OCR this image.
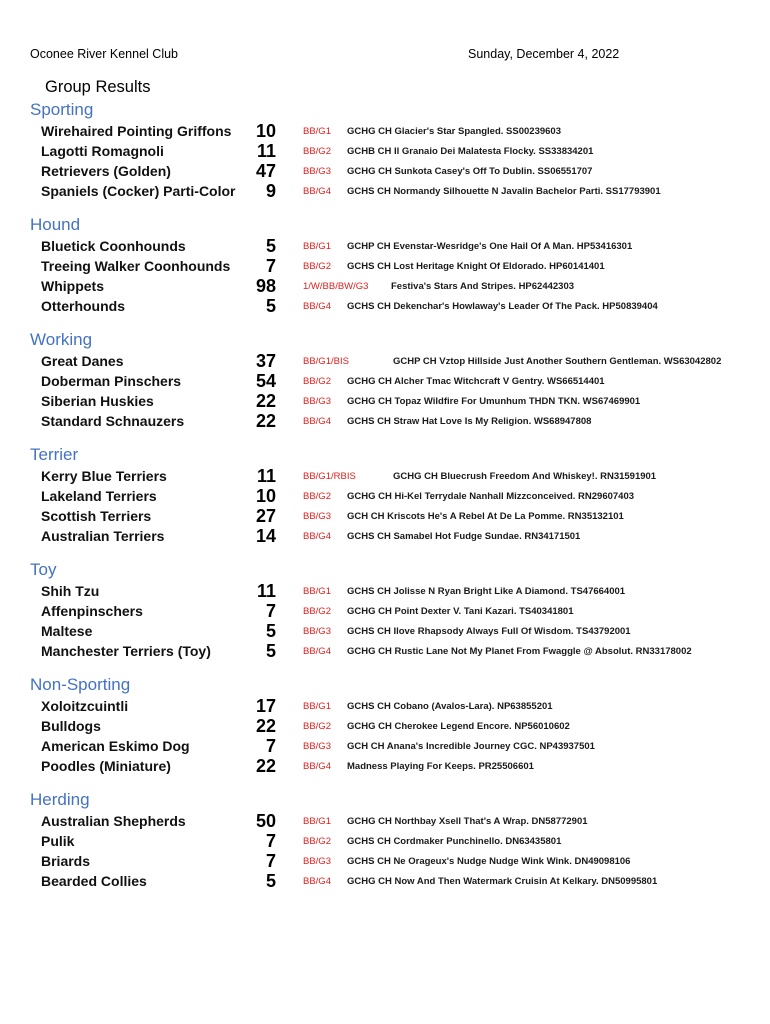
Oconee River Kennel Club	Sunday, December 4, 2022
Group Results
Sporting
Wirehaired Pointing Griffons 10	BB/G1 GCHG CH Glacier's Star Spangled. SS00239603
Lagotti Romagnoli	11	BB/G2 GCHB CH Il Granaio Dei Malatesta Flocky. SS33834201
Retrievers (Golden)	47	BB/G3 GCHG CH Sunkota Casey's Off To Dublin. SS06551707
Spaniels (Cocker) Parti-Color 9	BB/G4 GCHS CH Normandy Silhouette N Javalin Bachelor Parti. SS17793901
Hound
Bluetick Coonhounds	5	BB/G1 GCHP CH Evenstar-Wesridge's One Hail Of A Man. HP53416301
Treeing Walker Coonhounds 7	BB/G2 GCHS CH Lost Heritage Knight Of Eldorado. HP60141401
Whippets	98	1/W/BB/BW/G3 Festiva's Stars And Stripes. HP62442303
Otterhounds	5	BB/G4 GCHS CH Dekenchar's Howlaway's Leader Of The Pack. HP50839404
Working
Great Danes	37	BB/G1/BIS	GCHP CH Vztop Hillside Just Another Southern Gentleman. WS63042802
Doberman Pinschers	54	BB/G2 GCHG CH Alcher Tmac Witchcraft V Gentry. WS66514401
Siberian Huskies	22	BB/G3 GCHG CH Topaz Wildfire For Umunhum THDN TKN. WS67469901
Standard Schnauzers	22	BB/G4 GCHS CH Straw Hat Love Is My Religion. WS68947808
Terrier
Kerry Blue Terriers	11	BB/G1/RBIS	GCHG CH Bluecrush Freedom And Whiskey!. RN31591901
Lakeland Terriers	10	BB/G2 GCHG CH Hi-Kel Terrydale Nanhall Mizzconceived. RN29607403
Scottish Terriers	27	BB/G3 GCH CH Kriscots He's A Rebel At De La Pomme. RN35132101
Australian Terriers	14	BB/G4 GCHS CH Samabel Hot Fudge Sundae. RN34171501
Toy
Shih Tzu	11	BB/G1 GCHS CH Jolisse N Ryan Bright Like A Diamond. TS47664001
Affenpinschers	7	BB/G2 GCHG CH Point Dexter V. Tani Kazari. TS40341801
Maltese	5	BB/G3 GCHS CH Ilove Rhapsody Always Full Of Wisdom. TS43792001
Manchester Terriers (Toy)	5	BB/G4 GCHG CH Rustic Lane Not My Planet From Fwaggle @ Absolut. RN33178002
Non-Sporting
Xoloitzcuintli	17	BB/G1 GCHS CH Cobano (Avalos-Lara). NP63855201
Bulldogs	22	BB/G2 GCHG CH Cherokee Legend Encore. NP56010602
American Eskimo Dog	7	BB/G3 GCH CH Anana's Incredible Journey CGC. NP43937501
Poodles (Miniature)	22	BB/G4 Madness Playing For Keeps. PR25506601
Herding
Australian Shepherds	50	BB/G1 GCHG CH Northbay Xsell That's A Wrap. DN58772901
Pulik	7	BB/G2 GCHS CH Cordmaker Punchinello. DN63435801
Briards	7	BB/G3 GCHS CH Ne Orageux's Nudge Nudge Wink Wink. DN49098106
Bearded Collies	5	BB/G4 GCHG CH Now And Then Watermark Cruisin At Kelkary. DN50995801
